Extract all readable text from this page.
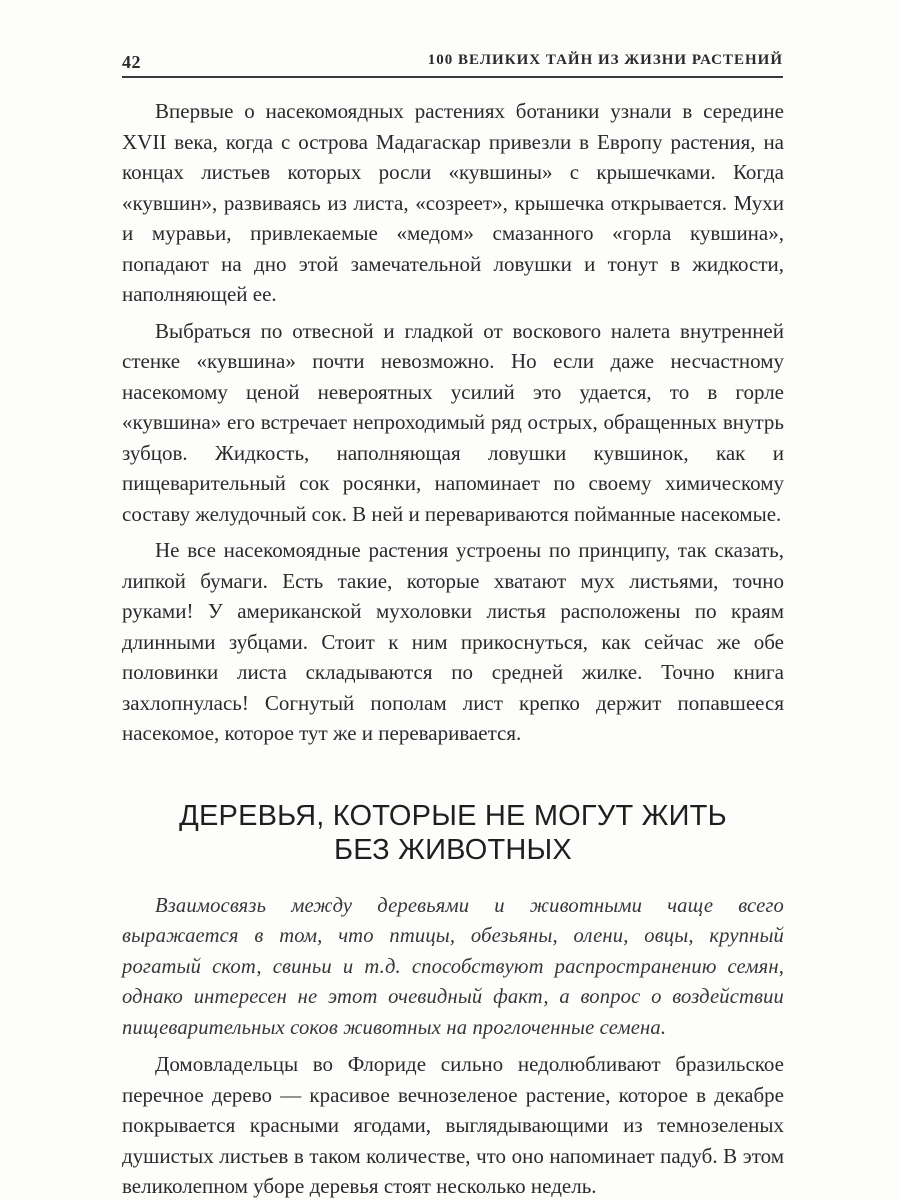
42	100 ВЕЛИКИХ ТАЙН ИЗ ЖИЗНИ РАСТЕНИЙ

Впервые о насекомоядных растениях ботаники узнали в середине XVII века, когда с острова Мадагаскар привезли в Европу растения, на концах листьев которых росли «кувшины» с крышечками. Когда «кувшин», развиваясь из листа, «созреет», крышечка открывается. Мухи и муравьи, привлекаемые «медом» смазанного «горла кувшина», попадают на дно этой замечательной ловушки и тонут в жидкости, наполняющей ее.

Выбраться по отвесной и гладкой от воскового налета внутренней стенке «кувшина» почти невозможно. Но если даже несчастному насекомому ценой невероятных усилий это удается, то в горле «кувшина» его встречает непроходимый ряд острых, обращенных внутрь зубцов. Жидкость, наполняющая ловушки кувшинок, как и пищеварительный сок росянки, напоминает по своему химическому составу желудочный сок. В ней и перевариваются пойманные насекомые.

Не все насекомоядные растения устроены по принципу, так сказать, липкой бумаги. Есть такие, которые хватают мух листьями, точно руками! У американской мухоловки листья расположены по краям длинными зубцами. Стоит к ним прикоснуться, как сейчас же обе половинки листа складываются по средней жилке. Точно книга захлопнулась! Согнутый пополам лист крепко держит попавшееся насекомое, которое тут же и переваривается.

ДЕРЕВЬЯ, КОТОРЫЕ НЕ МОГУТ ЖИТЬ
БЕЗ ЖИВОТНЫХ

Взаимосвязь между деревьями и животными чаще всего выражается в том, что птицы, обезьяны, олени, овцы, крупный рогатый скот, свиньи и т.д. способствуют распространению семян, однако интересен не этот очевидный факт, а вопрос о воздействии пищеварительных соков животных на проглоченные семена.

Домовладельцы во Флориде сильно недолюбливают бразильское перечное дерево — красивое вечнозеленое растение, которое в декабре покрывается красными ягодами, выглядывающими из темнозеленых душистых листьев в таком количестве, что оно напоминает падуб. В этом великолепном уборе деревья стоят несколько недель.
